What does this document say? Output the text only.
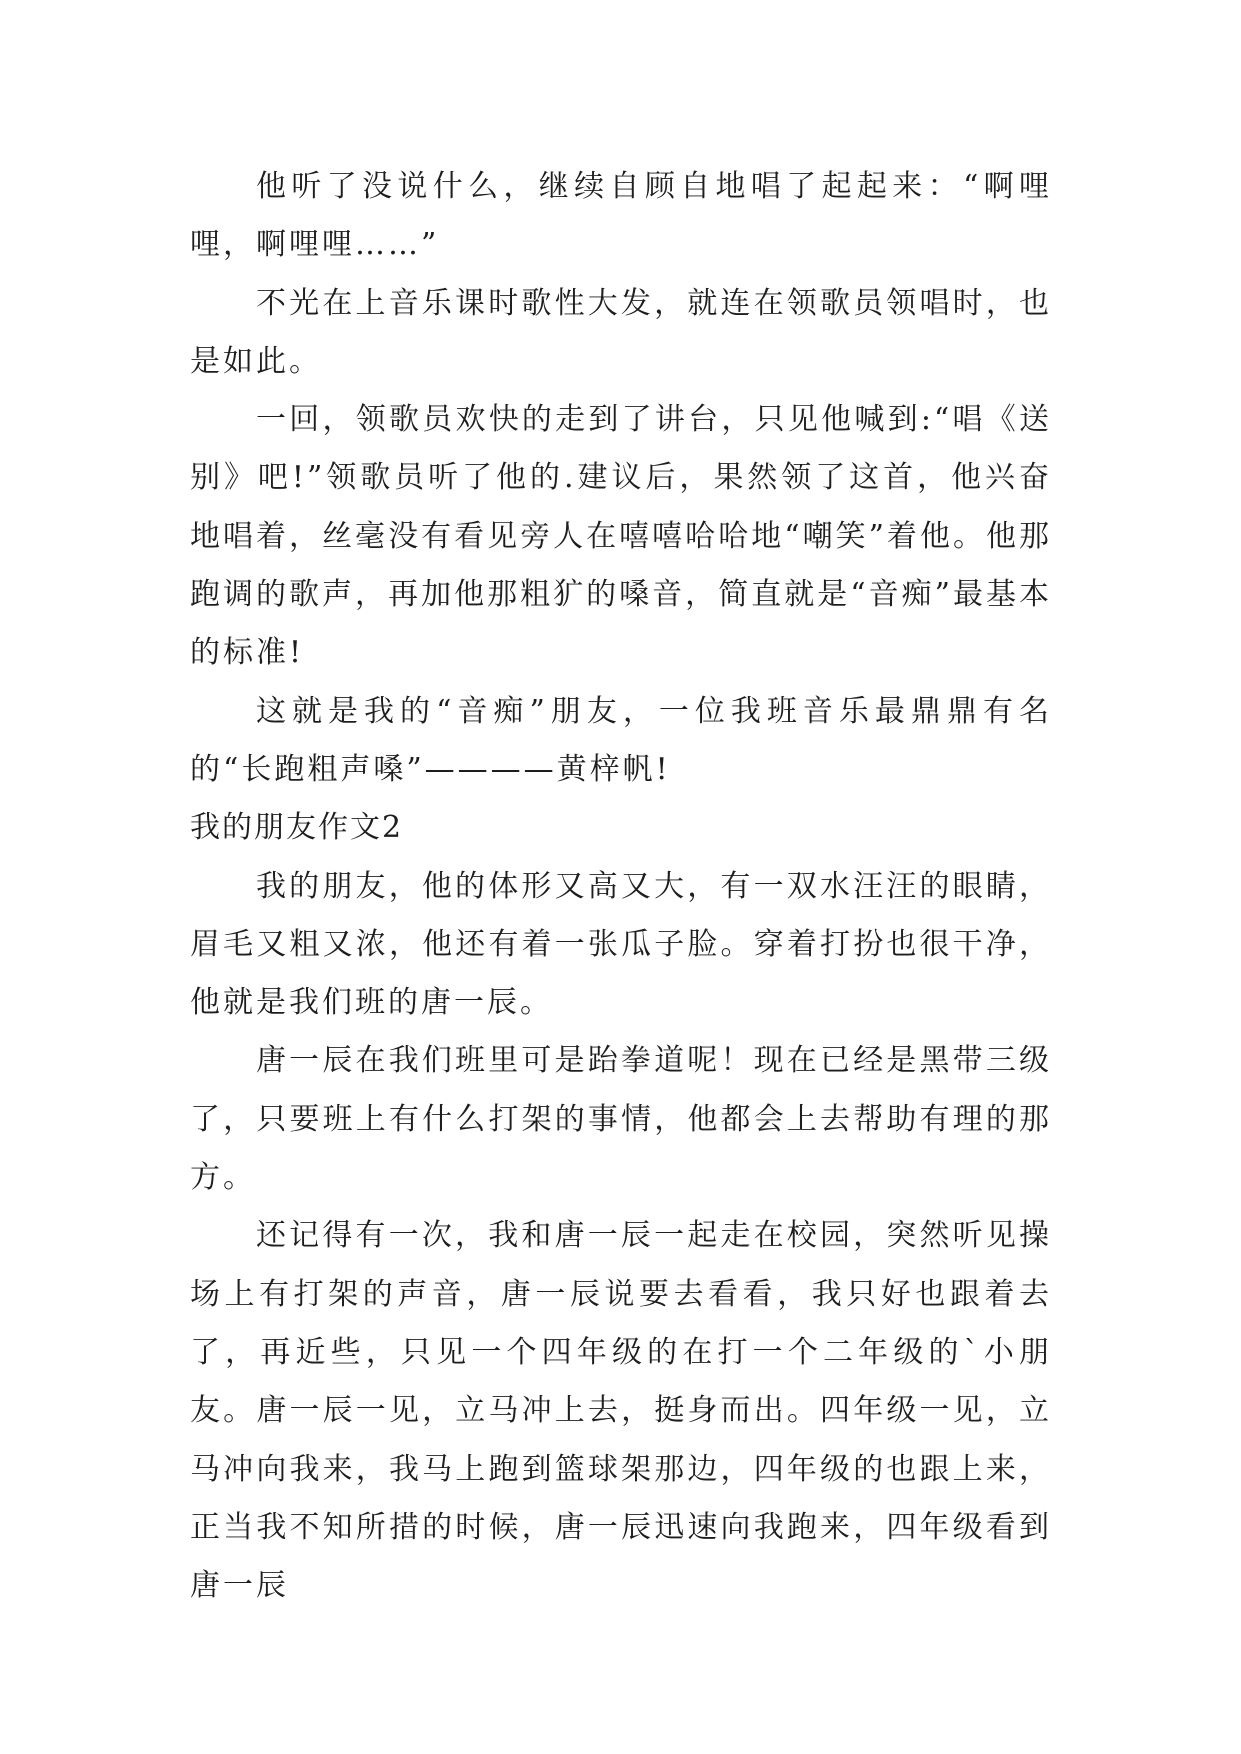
他听了没说什么，继续自顾自地唱了起起来：“啊哩哩，啊哩哩……”

不光在上音乐课时歌性大发，就连在领歌员领唱时，也是如此。

一回，领歌员欢快的走到了讲台，只见他喊到:“唱《送别》吧!”领歌员听了他的.建议后，果然领了这首，他兴奋地唱着，丝毫没有看见旁人在嘻嘻哈哈地“嘲笑”着他。他那跑调的歌声，再加他那粗犷的嗓音，简直就是“音痴”最基本的标准!

这就是我的“音痴”朋友，一位我班音乐最鼎鼎有名的“长跑粗声嗓”————黄梓帆!

我的朋友作文2

我的朋友，他的体形又高又大，有一双水汪汪的眼睛，眉毛又粗又浓，他还有着一张瓜子脸。穿着打扮也很干净，他就是我们班的唐一辰。

唐一辰在我们班里可是跆拳道呢！现在已经是黑带三级了，只要班上有什么打架的事情，他都会上去帮助有理的那方。

还记得有一次，我和唐一辰一起走在校园，突然听见操场上有打架的声音，唐一辰说要去看看，我只好也跟着去了，再近些，只见一个四年级的在打一个二年级的`小朋友。唐一辰一见，立马冲上去，挺身而出。四年级一见，立马冲向我来，我马上跑到篮球架那边，四年级的也跟上来，正当我不知所措的时候，唐一辰迅速向我跑来，四年级看到唐一辰
